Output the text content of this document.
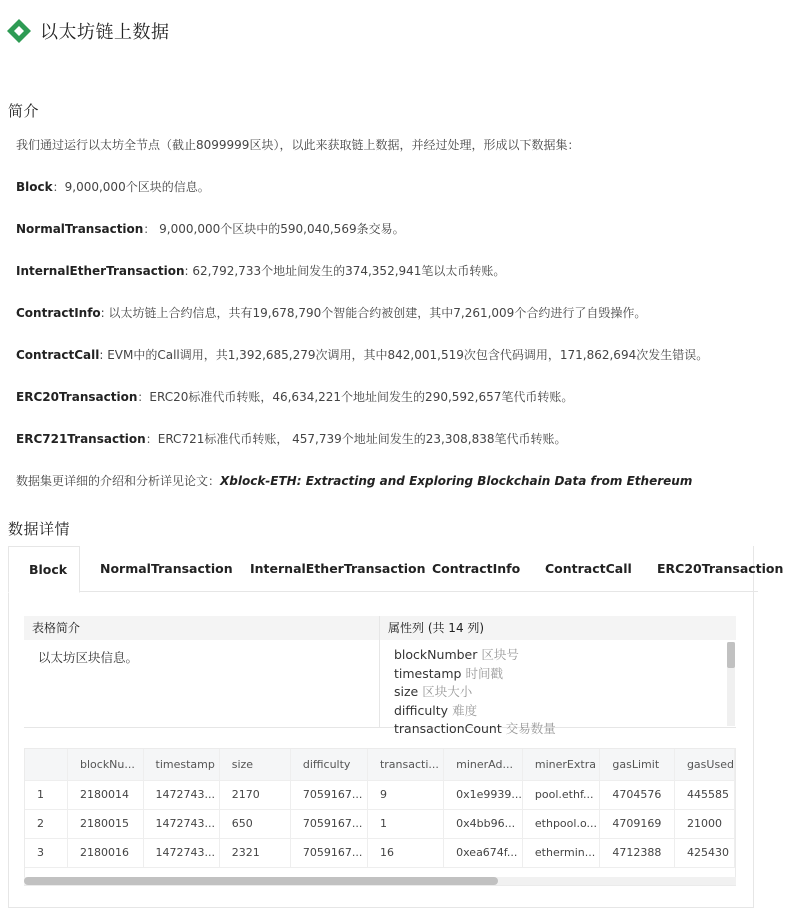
以太坊链上数据
简介
我们通过运行以太坊全节点（截止8099999区块），以此来获取链上数据，并经过处理，形成以下数据集：
Block：9,000,000个区块的信息。
NormalTransaction： 9,000,000个区块中的590,040,569条交易。
InternalEtherTransaction: 62,792,733个地址间发生的374,352,941笔以太币转账。
ContractInfo: 以太坊链上合约信息，共有19,678,790个智能合约被创建，其中7,261,009个合约进行了自毁操作。
ContractCall: EVM中的Call调用，共1,392,685,279次调用，其中842,001,519次包含代码调用，171,862,694次发生错误。
ERC20Transaction：ERC20标准代币转账，46,634,221个地址间发生的290,592,657笔代币转账。
ERC721Transaction：ERC721标准代币转账， 457,739个地址间发生的23,308,838笔代币转账。
数据集更详细的介绍和分析详见论文：Xblock-ETH: Extracting and Exploring Blockchain Data from Ethereum
数据详情
Block	NormalTransaction	InternalEtherTransaction ContractInfo	ContractCall	ERC20Transaction
表格简介	属性列 (共 14 列)
以太坊区块信息。	blockNumber 区块号
timestamp 时间戳
size 区块大小
difficulty 难度
transactionCount 交易数量
	blockNu...	timestamp	size	difficulty	transacti...	minerAd...	minerExtra	gasLimit	gasUsed
1	2180014	1472743...	2170	7059167...	9	0x1e9939...	pool.ethf...	4704576	445585
2	2180015	1472743...	650	7059167...	1	0x4bb96...	ethpool.o...	4709169	21000
3	2180016	1472743...	2321	7059167...	16	0xea674f...	ethermin...	4712388	425430
